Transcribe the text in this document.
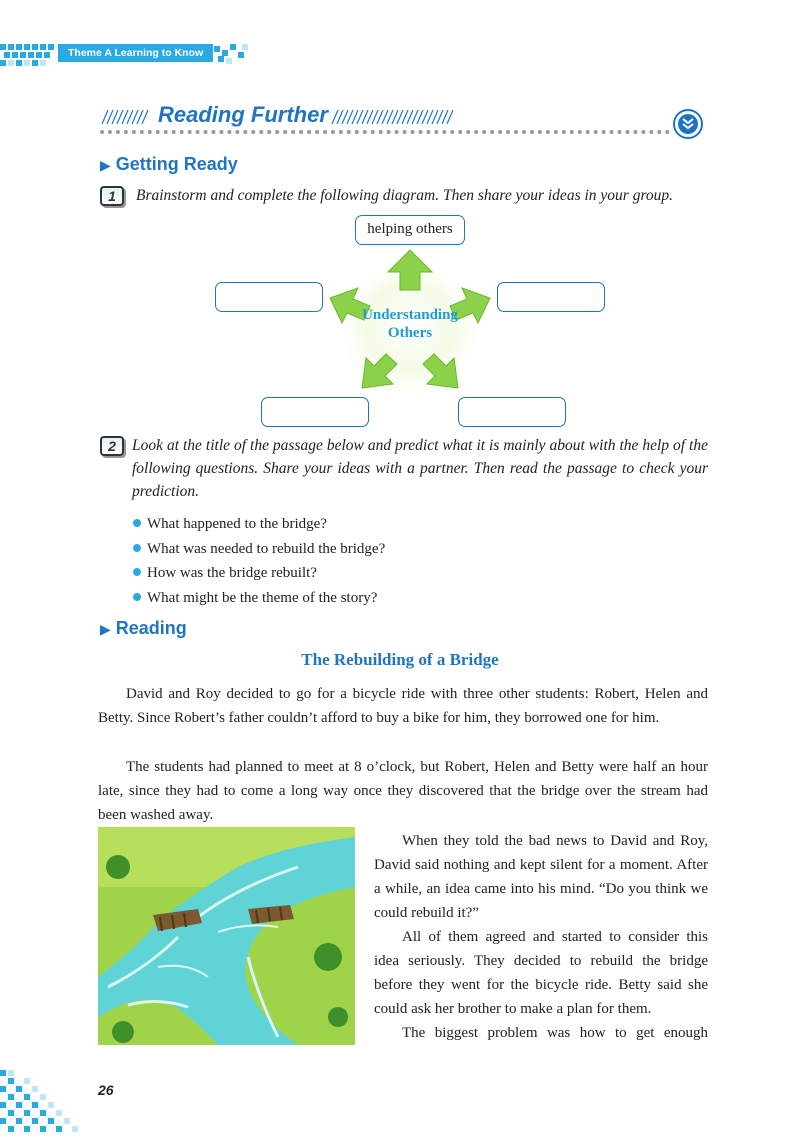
Theme A Learning to Know
Reading Further
▶ Getting Ready
1	Brainstorm and complete the following diagram. Then share your ideas in your group.
helping others
Understanding
Others
2	Look at the title of the passage below and predict what it is mainly about with the help of the following questions. Share your ideas with a partner. Then read the passage to check your prediction.
What happened to the bridge?
What was needed to rebuild the bridge?
How was the bridge rebuilt?
What might be the theme of the story?
▶ Reading
The Rebuilding of a Bridge
David and Roy decided to go for a bicycle ride with three other students: Robert, Helen and Betty. Since Robert’s father couldn’t afford to buy a bike for him, they borrowed one for him.
The students had planned to meet at 8 o’clock, but Robert, Helen and Betty were half an hour late, since they had to come a long way once they discovered that the bridge over the stream had been washed away.
When they told the bad news to David and Roy, David said nothing and kept silent for a moment. After a while, an idea came into his mind. “Do you think we could rebuild it?”
All of them agreed and started to consider this idea seriously. They decided to rebuild the bridge before they went for the bicycle ride. Betty said she could ask her brother to make a plan for them.
The biggest problem was how to get enough
26
